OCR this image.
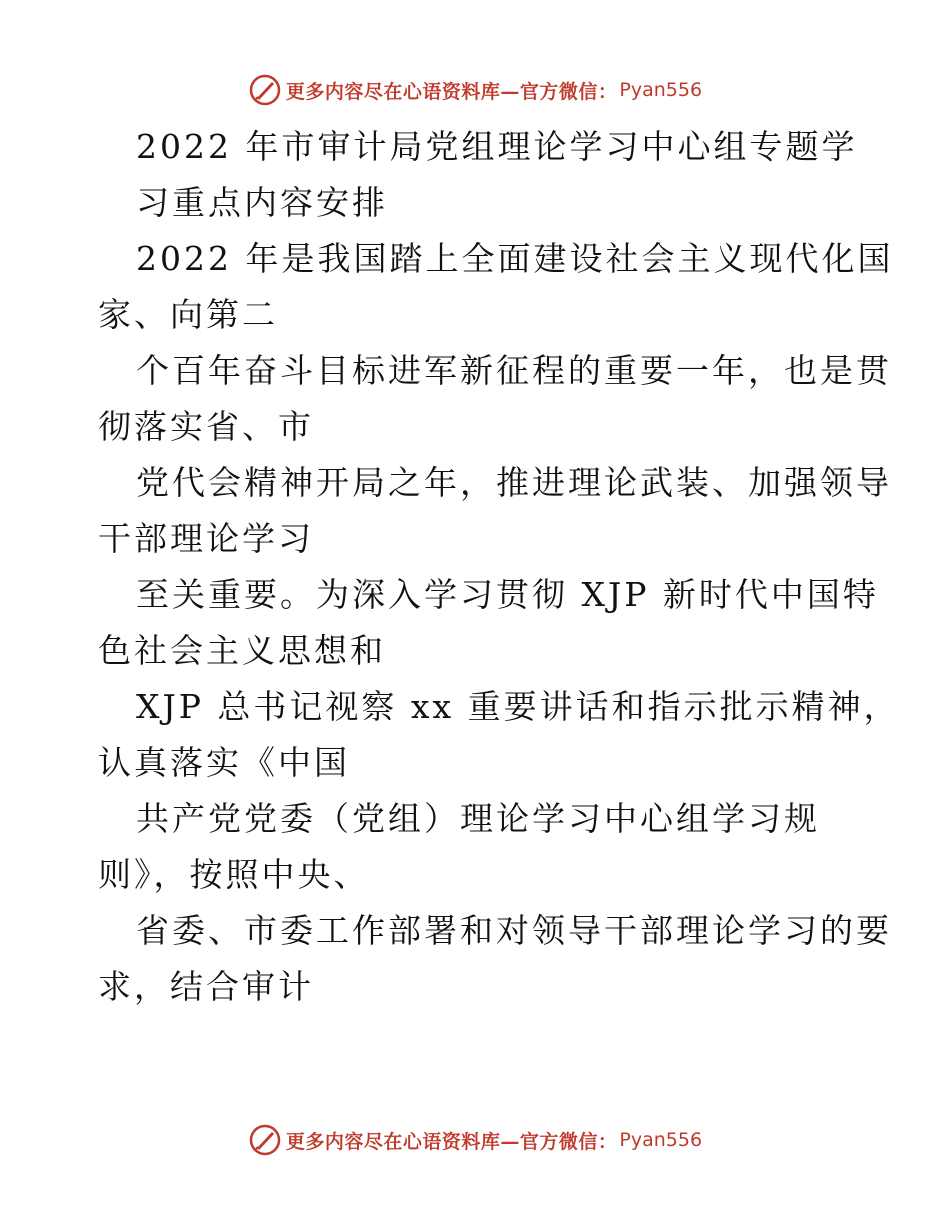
更多内容尽在心语资料库—官方微信： Pyan556
2022 年市审计局党组理论学习中心组专题学
习重点内容安排
2022 年是我国踏上全面建设社会主义现代化国
家、向第二
个百年奋斗目标进军新征程的重要一年，也是贯
彻落实省、市
党代会精神开局之年，推进理论武装、加强领导
干部理论学习
至关重要。为深入学习贯彻 XJP 新时代中国特
色社会主义思想和
XJP 总书记视察 xx 重要讲话和指示批示精神，
认真落实《中国
共产党党委（党组）理论学习中心组学习规
则》，按照中央、
省委、市委工作部署和对领导干部理论学习的要
求，结合审计
更多内容尽在心语资料库—官方微信： Pyan556
